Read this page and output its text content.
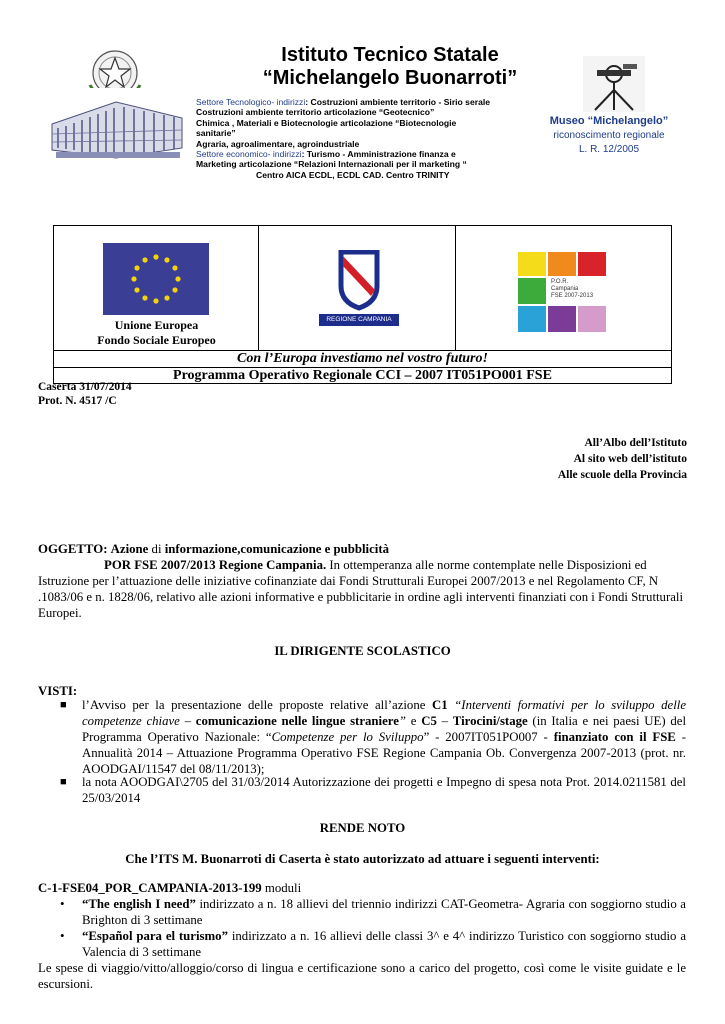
Istituto Tecnico Statale
“Michelangelo Buonarroti”
Settore Tecnologico- indirizzi: Costruzioni ambiente territorio - Sirio serale
Costruzioni ambiente territorio articolazione “Geotecnico”
Chimica , Materiali e Biotecnologie articolazione “Biotecnologie
sanitarie”
Agraria, agroalimentare, agroindustriale
Settore economico- indirizzi: Turismo - Amministrazione finanza e
Marketing articolazione “Relazioni Internazionali per il marketing “
Centro AICA ECDL, ECDL CAD. Centro TRINITY
Museo “Michelangelo”
riconoscimento regionale
L. R. 12/2005
Unione Europea
Fondo Sociale Europeo
REGIONE CAMPANIA
P.O.R.
Campania
FSE 2007-2013
Con l’Europa investiamo nel vostro futuro!
Programma Operativo Regionale CCI – 2007 IT051PO001 FSE
Caserta 31/07/2014
Prot. N. 4517 /C
All’Albo dell’Istituto
Al sito web dell’istituto
Alle scuole della Provincia
OGGETTO: Azione di informazione,comunicazione e pubblicità
POR FSE 2007/2013 Regione Campania. In ottemperanza alle norme contemplate nelle Disposizioni ed Istruzione per l’attuazione delle iniziative cofinanziate dai Fondi Strutturali Europei 2007/2013 e nel Regolamento CF, N .1083/06 e n. 1828/06, relativo alle azioni informative e pubblicitarie in ordine agli interventi finanziati con i Fondi Strutturali Europei.
IL DIRIGENTE SCOLASTICO
VISTI:
■ l’Avviso per la presentazione delle proposte relative all’azione C1 “Interventi formativi per lo sviluppo delle competenze chiave – comunicazione nelle lingue straniere” e C5 – Tirocini/stage (in Italia e nei paesi UE) del Programma Operativo Nazionale: “Competenze per lo Sviluppo” - 2007IT051PO007 - finanziato con il FSE - Annualità 2014 – Attuazione Programma Operativo FSE Regione Campania Ob. Convergenza 2007-2013 (prot. nr. AOODGAI/11547 del 08/11/2013);
■ la nota AOODGAI\2705 del 31/03/2014 Autorizzazione dei progetti e Impegno di spesa nota Prot. 2014.0211581 del 25/03/2014
RENDE NOTO
Che l’ITS M. Buonarroti di Caserta è stato autorizzato ad attuare i seguenti interventi:
C-1-FSE04_POR_CAMPANIA-2013-199 moduli
• “The english I need” indirizzato a n. 18 allievi del triennio indirizzi CAT-Geometra- Agraria con soggiorno studio a Brighton di 3 settimane
• “Español para el turismo” indirizzato a n. 16 allievi delle classi 3^ e 4^ indirizzo Turistico con soggiorno studio a Valencia di 3 settimane
Le spese di viaggio/vitto/alloggio/corso di lingua e certificazione sono a carico del progetto, così come le visite guidate e le escursioni.
